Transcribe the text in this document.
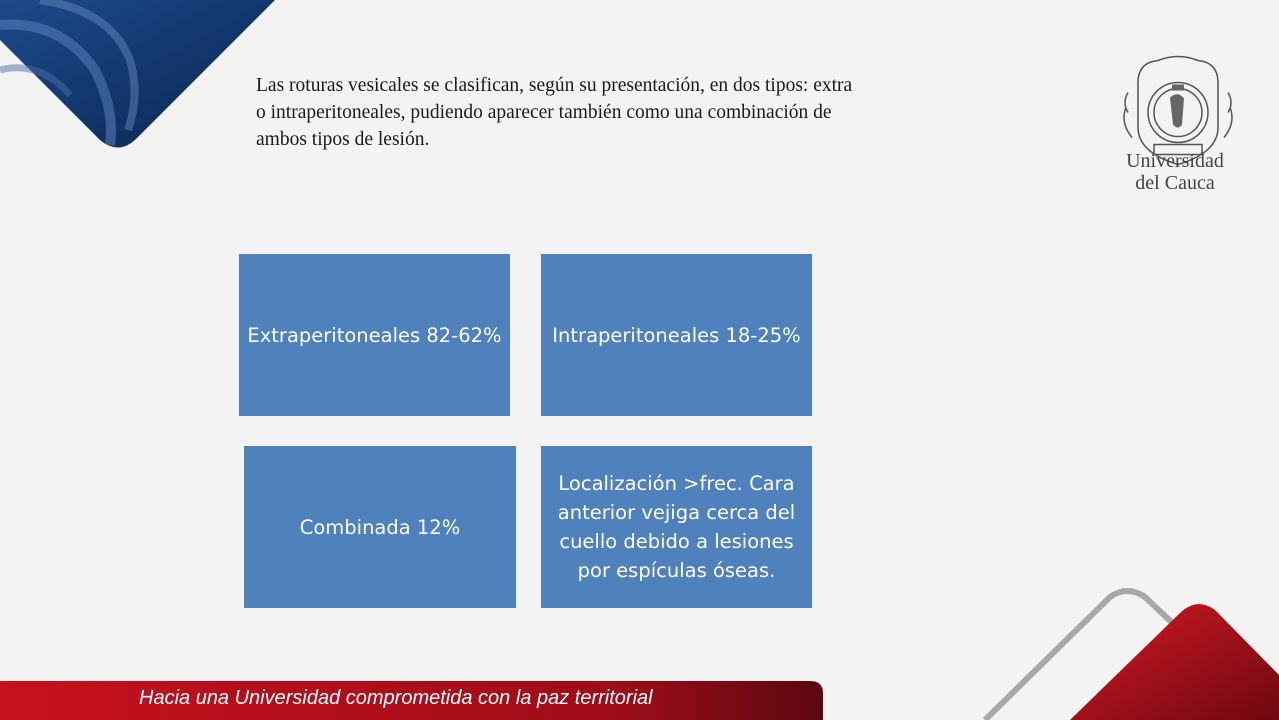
Las roturas vesicales se clasifican, según su presentación, en dos tipos: extra o intraperitoneales, pudiendo aparecer también como una combinación de ambos tipos de lesión.

Universidad
del Cauca
Extraperitoneales 82-62%	Intraperitoneales 18-25%
Combinada 12%
Localización >frec. Cara anterior vejiga cerca del cuello debido a lesiones por espículas óseas.
Hacia una Universidad comprometida con la paz territorial
